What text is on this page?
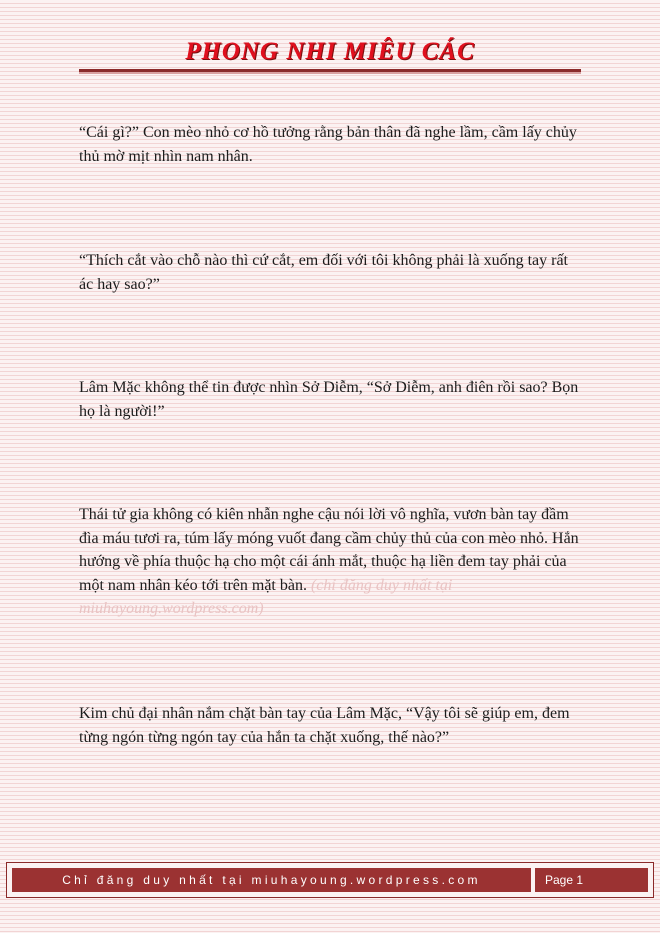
PHONG NHI MIÊU CÁC

“Cái gì?” Con mèo nhỏ cơ hồ tưởng rằng bản thân đã nghe lầm, cầm lấy chủy thủ mờ mịt nhìn nam nhân.

“Thích cắt vào chỗ nào thì cứ cắt, em đối với tôi không phải là xuống tay rất ác hay sao?”

Lâm Mặc không thể tin được nhìn Sở Diễm, “Sở Diễm, anh điên rồi sao? Bọn họ là người!”

Thái tử gia không có kiên nhẫn nghe cậu nói lời vô nghĩa, vươn bàn tay đầm đìa máu tươi ra, túm lấy móng vuốt đang cầm chủy thủ của con mèo nhỏ. Hắn hướng về phía thuộc hạ cho một cái ánh mắt, thuộc hạ liền đem tay phải của một nam nhân kéo tới trên mặt bàn. (chỉ đăng duy nhất tại miuhayoung.wordpress.com)

Kim chủ đại nhân nắm chặt bàn tay của Lâm Mặc, “Vậy tôi sẽ giúp em, đem từng ngón từng ngón tay của hắn ta chặt xuống, thế nào?”

Chỉ đăng duy nhất tại miuhayoung.wordpress.com	Page 1
